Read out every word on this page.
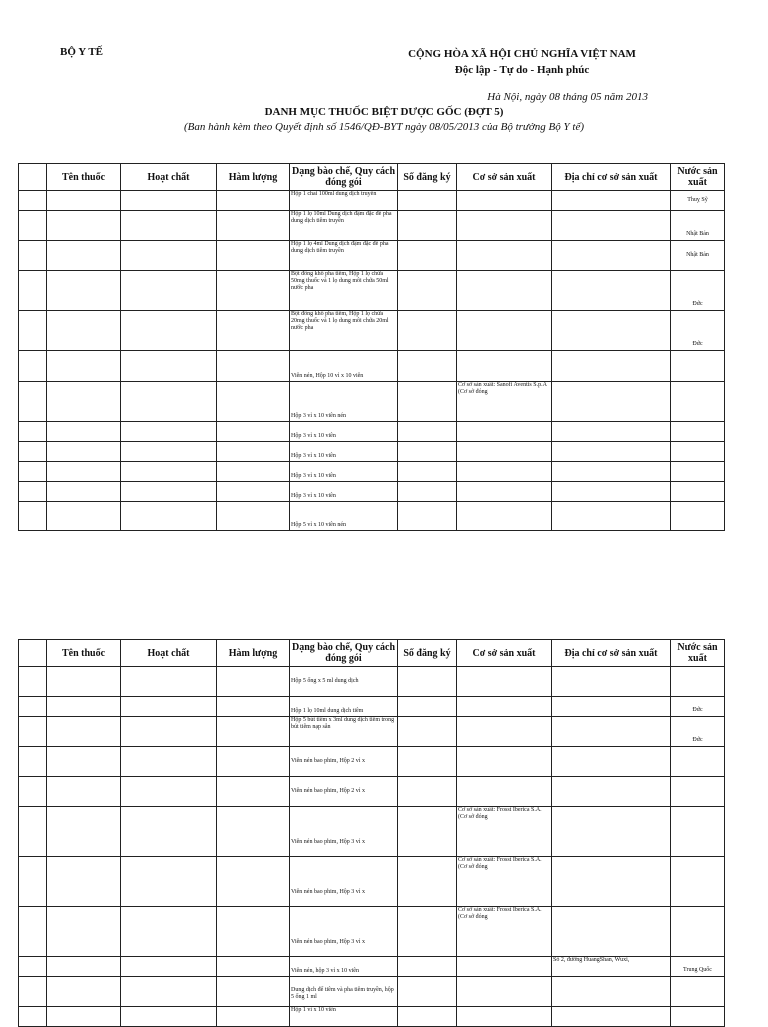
BỘ Y TẾ	CỘNG HÒA XÃ HỘI CHỦ NGHĨA VIỆT NAM
Độc lập - Tự do - Hạnh phúc
Hà Nội, ngày 08 tháng 05 năm 2013
DANH MỤC THUỐC BIỆT DƯỢC GỐC (ĐỢT 5)
(Ban hành kèm theo Quyết định số 1546/QĐ-BYT ngày 08/05/2013 của Bộ trưởng Bộ Y tế)
	Tên thuốc	Hoạt chất	Hàm lượng	Dạng bào chế, Quy cách đóng gói	Số đăng ký	Cơ sở sản xuất	Địa chỉ cơ sở sản xuất	Nước sản xuất
				Hộp 1 chai 100ml dung dịch truyền				Thuỵ Sỹ
				Hộp 1 lọ 10ml Dung dịch đậm đặc để pha dung dịch tiêm truyền				Nhật Bản
				Hộp 1 lọ 4ml Dung dịch đậm đặc để pha dung dịch tiêm truyền				Nhật Bản
				Bột đông khô pha tiêm, Hộp 1 lọ chứa 50mg thuốc và 1 lọ dung môi chứa 50ml nước pha				Đức
				Bột đông khô pha tiêm, Hộp 1 lọ chứa 20mg thuốc và 1 lọ dung môi chứa 20ml nước pha				Đức
				Viên nén, Hộp 10 vỉ x 10 viên				
				Hộp 3 vỉ x 10 viên nén		Cơ sở sản xuất: Sanofi Aventis S.p.A (Cơ sở đóng		
				Hộp 3 vỉ x 10 viên				
				Hộp 3 vỉ x 10 viên				
				Hộp 3 vỉ x 10 viên				
				Hộp 3 vỉ x 10 viên				
				Hộp 5 vỉ x 10 viên nén				
	Tên thuốc	Hoạt chất	Hàm lượng	Dạng bào chế, Quy cách đóng gói	Số đăng ký	Cơ sở sản xuất	Địa chỉ cơ sở sản xuất	Nước sản xuất
				Hộp 5 ống x 5 ml dung dịch				
				Hộp 1 lọ 10ml dung dịch tiêm				Đức
				Hộp 5 bút tiêm x 3ml dung dịch tiêm trong bút tiêm nạp sẵn				Đức
				Viên nén bao phim, Hộp 2 vỉ x				
				Viên nén bao phim, Hộp 2 vỉ x				
				Viên nén bao phim, Hộp 3 vỉ x		Cơ sở sản xuất: Frosst Iberica S.A. (Cơ sở đóng		
				Viên nén bao phim, Hộp 3 vỉ x		Cơ sở sản xuất: Frosst Iberica S.A. (Cơ sở đóng		
				Viên nén bao phim, Hộp 3 vỉ x		Cơ sở sản xuất: Frosst Iberica S.A. (Cơ sở đóng		
				Viên nén, hộp 3 vỉ x 10 viên			Số 2, đường HuangShan, Wuxi,	Trung Quốc
				Dung dịch để tiêm và pha tiêm truyền, hộp 5 ống 1 ml				
				Hộp 1 vỉ x 10 viên				
